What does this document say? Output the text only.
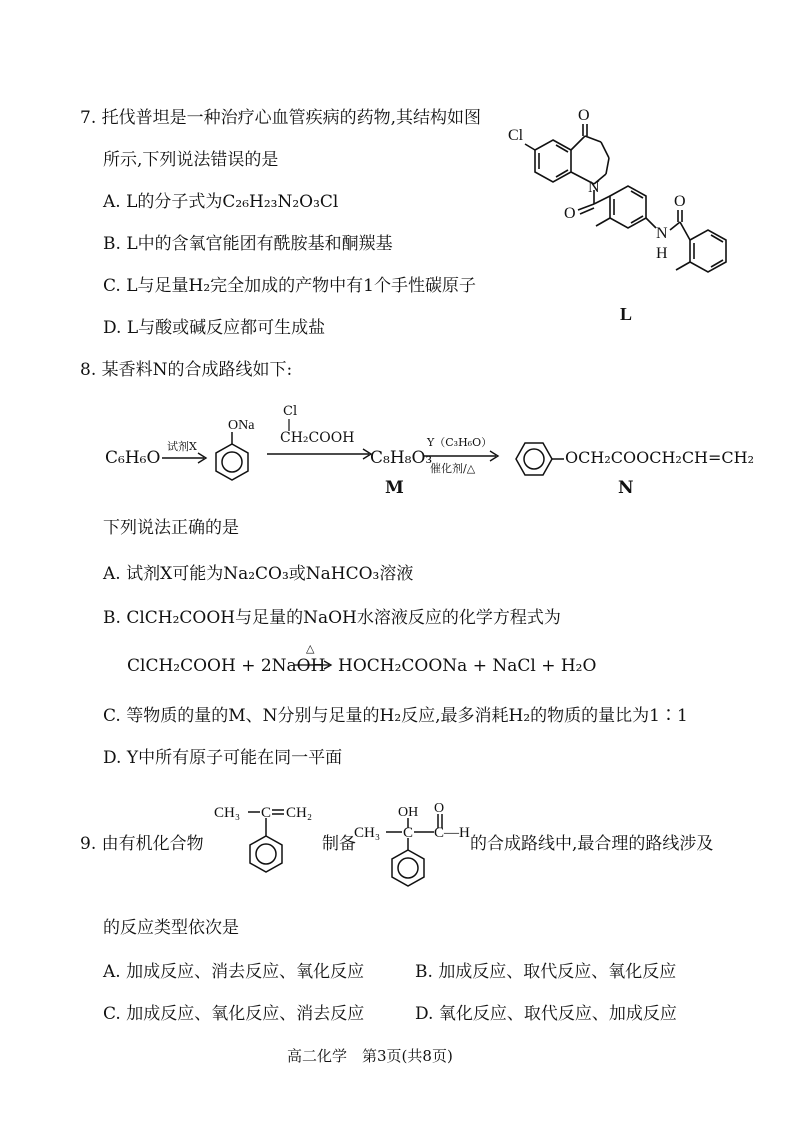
7. 托伐普坦是一种治疗心血管疾病的药物,其结构如图
所示,下列说法错误的是
A. L的分子式为C₂₆H₂₃N₂O₃Cl
B. L中的含氧官能团有酰胺基和酮羰基
C. L与足量H₂完全加成的产物中有1个手性碳原子
D. L与酸或碱反应都可生成盐
O
Cl
N
O
N
H
O
L
8. 某香料N的合成路线如下:
C₆H₆O
试剂X
ONa
Cl
CH₂COOH
C₈H₈O₃
M
Y（C₃H₆O）
催化剂/△
OCH₂COOCH₂CH=CH₂
N
下列说法正确的是
A. 试剂X可能为Na₂CO₃或NaHCO₃溶液
B. ClCH₂COOH与足量的NaOH水溶液反应的化学方程式为
ClCH₂COOH + 2NaOH
△
HOCH₂COONa + NaCl + H₂O
C. 等物质的量的M、N分别与足量的H₂反应,最多消耗H₂的物质的量比为1∶1
D. Y中所有原子可能在同一平面
9. 由有机化合物
CH₃ C CH₂
制备
OH O
CH₃ C C—H
的合成路线中,最合理的路线涉及
的反应类型依次是
A. 加成反应、消去反应、氧化反应	B. 加成反应、取代反应、氧化反应
C. 加成反应、氧化反应、消去反应	D. 氧化反应、取代反应、加成反应
高二化学　第3页(共8页)
